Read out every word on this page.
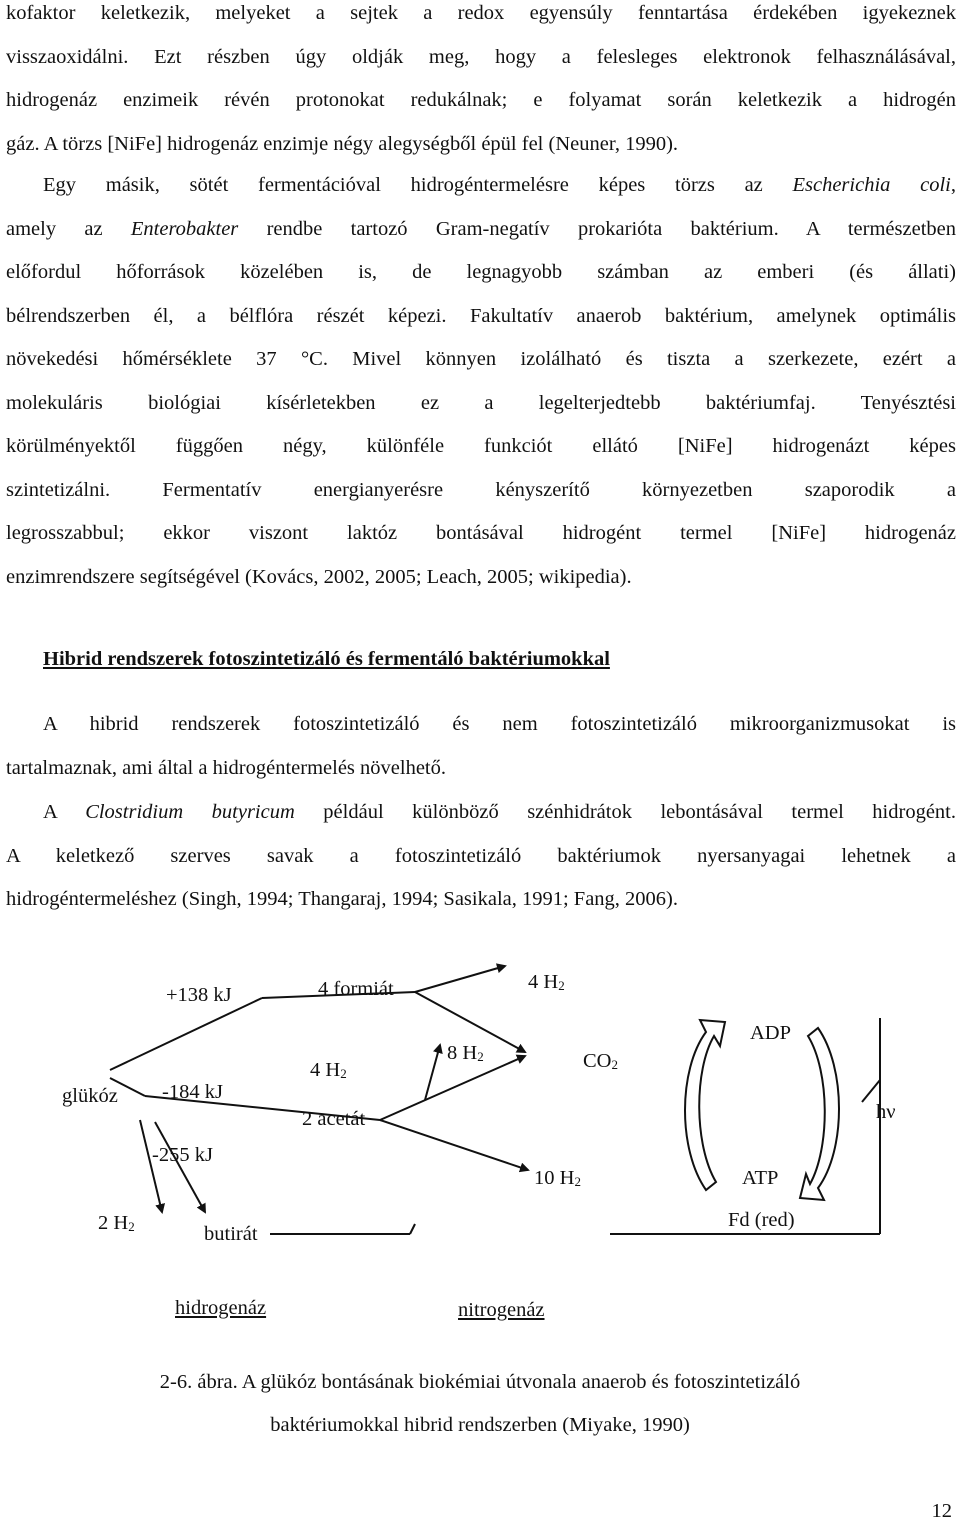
kofaktor keletkezik, melyeket a sejtek a redox egyensúly fenntartása érdekében igyekeznek
visszaoxidálni. Ezt részben úgy oldják meg, hogy a felesleges elektronok felhasználásával,
hidrogenáz enzimeik révén protonokat redukálnak; e folyamat során keletkezik a hidrogén
gáz. A törzs [NiFe] hidrogenáz enzimje négy alegységből épül fel (Neuner, 1990).
Egy másik, sötét fermentációval hidrogéntermelésre képes törzs az Escherichia coli,
amely az Enterobakter rendbe tartozó Gram-negatív prokarióta baktérium. A természetben
előfordul hőforrások közelében is, de legnagyobb számban az emberi (és állati)
bélrendszerben él, a bélflóra részét képezi. Fakultatív anaerob baktérium, amelynek optimális
növekedési hőmérséklete 37 °C. Mivel könnyen izolálható és tiszta a szerkezete, ezért a
molekuláris biológiai kísérletekben ez a legelterjedtebb baktériumfaj. Tenyésztési
körülményektől függően négy, különféle funkciót ellátó [NiFe] hidrogenázt képes
szintetizálni. Fermentatív energianyerésre kényszerítő környezetben szaporodik a
legrosszabbul; ekkor viszont laktóz bontásával hidrogént termel [NiFe] hidrogenáz
enzimrendszere segítségével (Kovács, 2002, 2005; Leach, 2005; wikipedia).
Hibrid rendszerek fotoszintetizáló és fermentáló baktériumokkal
A hibrid rendszerek fotoszintetizáló és nem fotoszintetizáló mikroorganizmusokat is
tartalmaznak, ami által a hidrogéntermelés növelhető.
A Clostridium butyricum például különböző szénhidrátok lebontásával termel hidrogént.
A keletkező szerves savak a fotoszintetizáló baktériumok nyersanyagai lehetnek a
hidrogéntermeléshez (Singh, 1994; Thangaraj, 1994; Sasikala, 1991; Fang, 2006).
+138 kJ	4 formiát	4 $H_2$
ADP
8 $H_2$	$CO_2$
4 $H_2$
glükóz -184 kJ
hν
2 acetát
-255 kJ
10 $H_2$	ATP
2 $H_2$	butirát
Fd (red)
hidrogenáz	nitrogenáz
2-6. ábra. A glükóz bontásának biokémiai útvonala anaerob és fotoszintetizáló
baktériumokkal hibrid rendszerben (Miyake, 1990)
12
